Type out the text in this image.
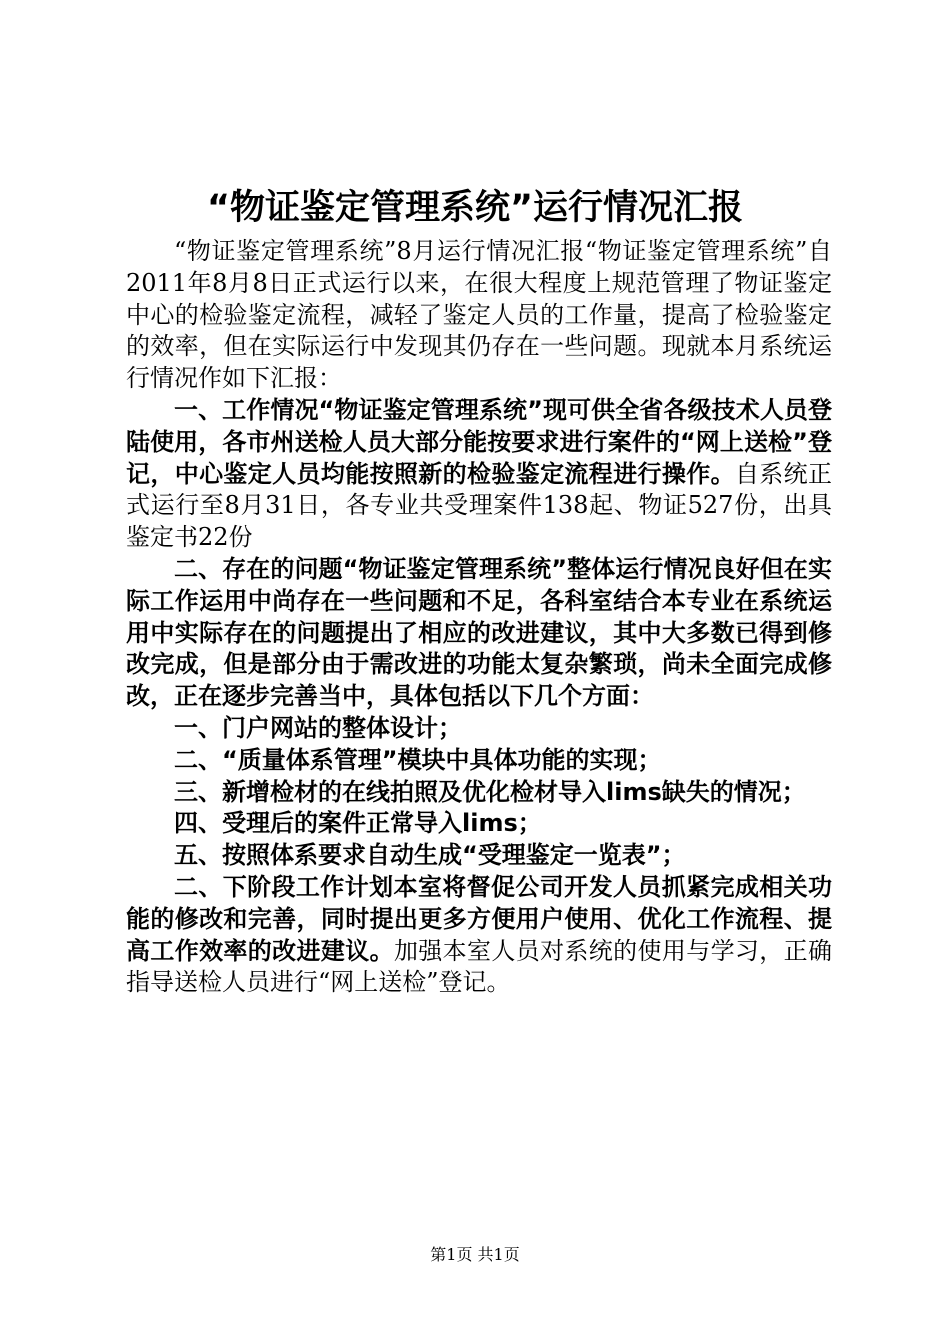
“物证鉴定管理系统”运行情况汇报

“物证鉴定管理系统”8月运行情况汇报“物证鉴定管理系统”自2011年8月8日正式运行以来，在很大程度上规范管理了物证鉴定中心的检验鉴定流程，减轻了鉴定人员的工作量，提高了检验鉴定的效率，但在实际运行中发现其仍存在一些问题。现就本月系统运行情况作如下汇报：

一、工作情况“物证鉴定管理系统”现可供全省各级技术人员登陆使用，各市州送检人员大部分能按要求进行案件的“网上送检”登记，中心鉴定人员均能按照新的检验鉴定流程进行操作。自系统正式运行至8月31日，各专业共受理案件138起、物证527份，出具鉴定书22份

二、存在的问题“物证鉴定管理系统”整体运行情况良好但在实际工作运用中尚存在一些问题和不足，各科室结合本专业在系统运用中实际存在的问题提出了相应的改进建议，其中大多数已得到修改完成，但是部分由于需改进的功能太复杂繁琐，尚未全面完成修改，正在逐步完善当中，具体包括以下几个方面：

一、门户网站的整体设计；

二、“质量体系管理”模块中具体功能的实现；

三、新增检材的在线拍照及优化检材导入lims缺失的情况；

四、受理后的案件正常导入lims；

五、按照体系要求自动生成“受理鉴定一览表”；

二、下阶段工作计划本室将督促公司开发人员抓紧完成相关功能的修改和完善，同时提出更多方便用户使用、优化工作流程、提高工作效率的改进建议。加强本室人员对系统的使用与学习，正确指导送检人员进行“网上送检”登记。

第1页 共1页
